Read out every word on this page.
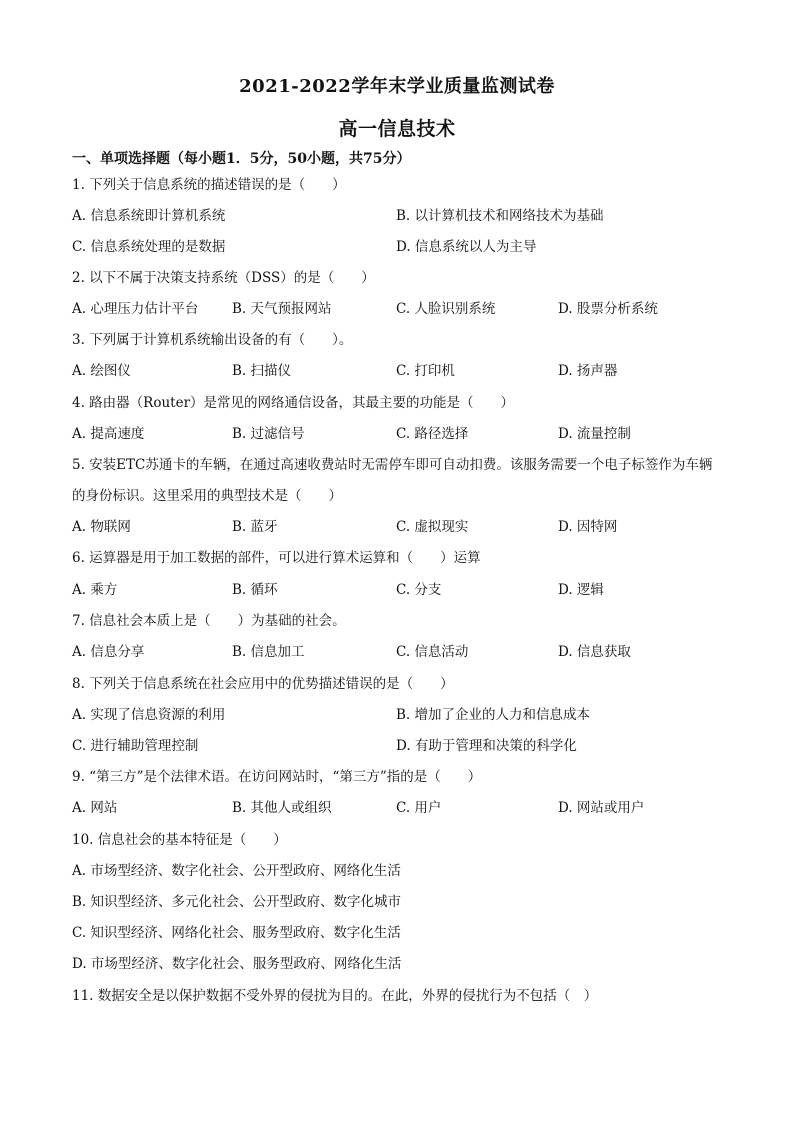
2021-2022学年末学业质量监测试卷
高一信息技术
一、单项选择题（每小题1．5分，50小题，共75分）
1. 下列关于信息系统的描述错误的是（　　）
A. 信息系统即计算机系统	B. 以计算机技术和网络技术为基础
C. 信息系统处理的是数据	D. 信息系统以人为主导
2. 以下不属于决策支持系统（DSS）的是（　　）
A. 心理压力估计平台 B. 天气预报网站	C. 人脸识别系统	D. 股票分析系统
3. 下列属于计算机系统输出设备的有（　　）。
A. 绘图仪	B. 扫描仪	C. 打印机	D. 扬声器
4. 路由器（Router）是常见的网络通信设备，其最主要的功能是（　　）
A. 提高速度	B. 过滤信号	C. 路径选择	D. 流量控制
5. 安装ETC苏通卡的车辆，在通过高速收费站时无需停车即可自动扣费。该服务需要一个电子标签作为车辆的身份标识。这里采用的典型技术是（　　）
A. 物联网	B. 蓝牙	C. 虚拟现实	D. 因特网
6. 运算器是用于加工数据的部件，可以进行算术运算和（　　）运算
A. 乘方	B. 循环	C. 分支	D. 逻辑
7. 信息社会本质上是（　　）为基础的社会。
A. 信息分享	B. 信息加工	C. 信息活动	D. 信息获取
8. 下列关于信息系统在社会应用中的优势描述错误的是（　　）
A. 实现了信息资源的利用	B. 增加了企业的人力和信息成本
C. 进行辅助管理控制	D. 有助于管理和决策的科学化
9. “第三方”是个法律术语。在访问网站时，“第三方”指的是（　　）
A. 网站	B. 其他人或组织	C. 用户	D. 网站或用户
10. 信息社会的基本特征是（　　）
A. 市场型经济、数字化社会、公开型政府、网络化生活
B. 知识型经济、多元化社会、公开型政府、数字化城市
C. 知识型经济、网络化社会、服务型政府、数字化生活
D. 市场型经济、数字化社会、服务型政府、网络化生活
11. 数据安全是以保护数据不受外界的侵扰为目的。在此，外界的侵扰行为不包括（　）
